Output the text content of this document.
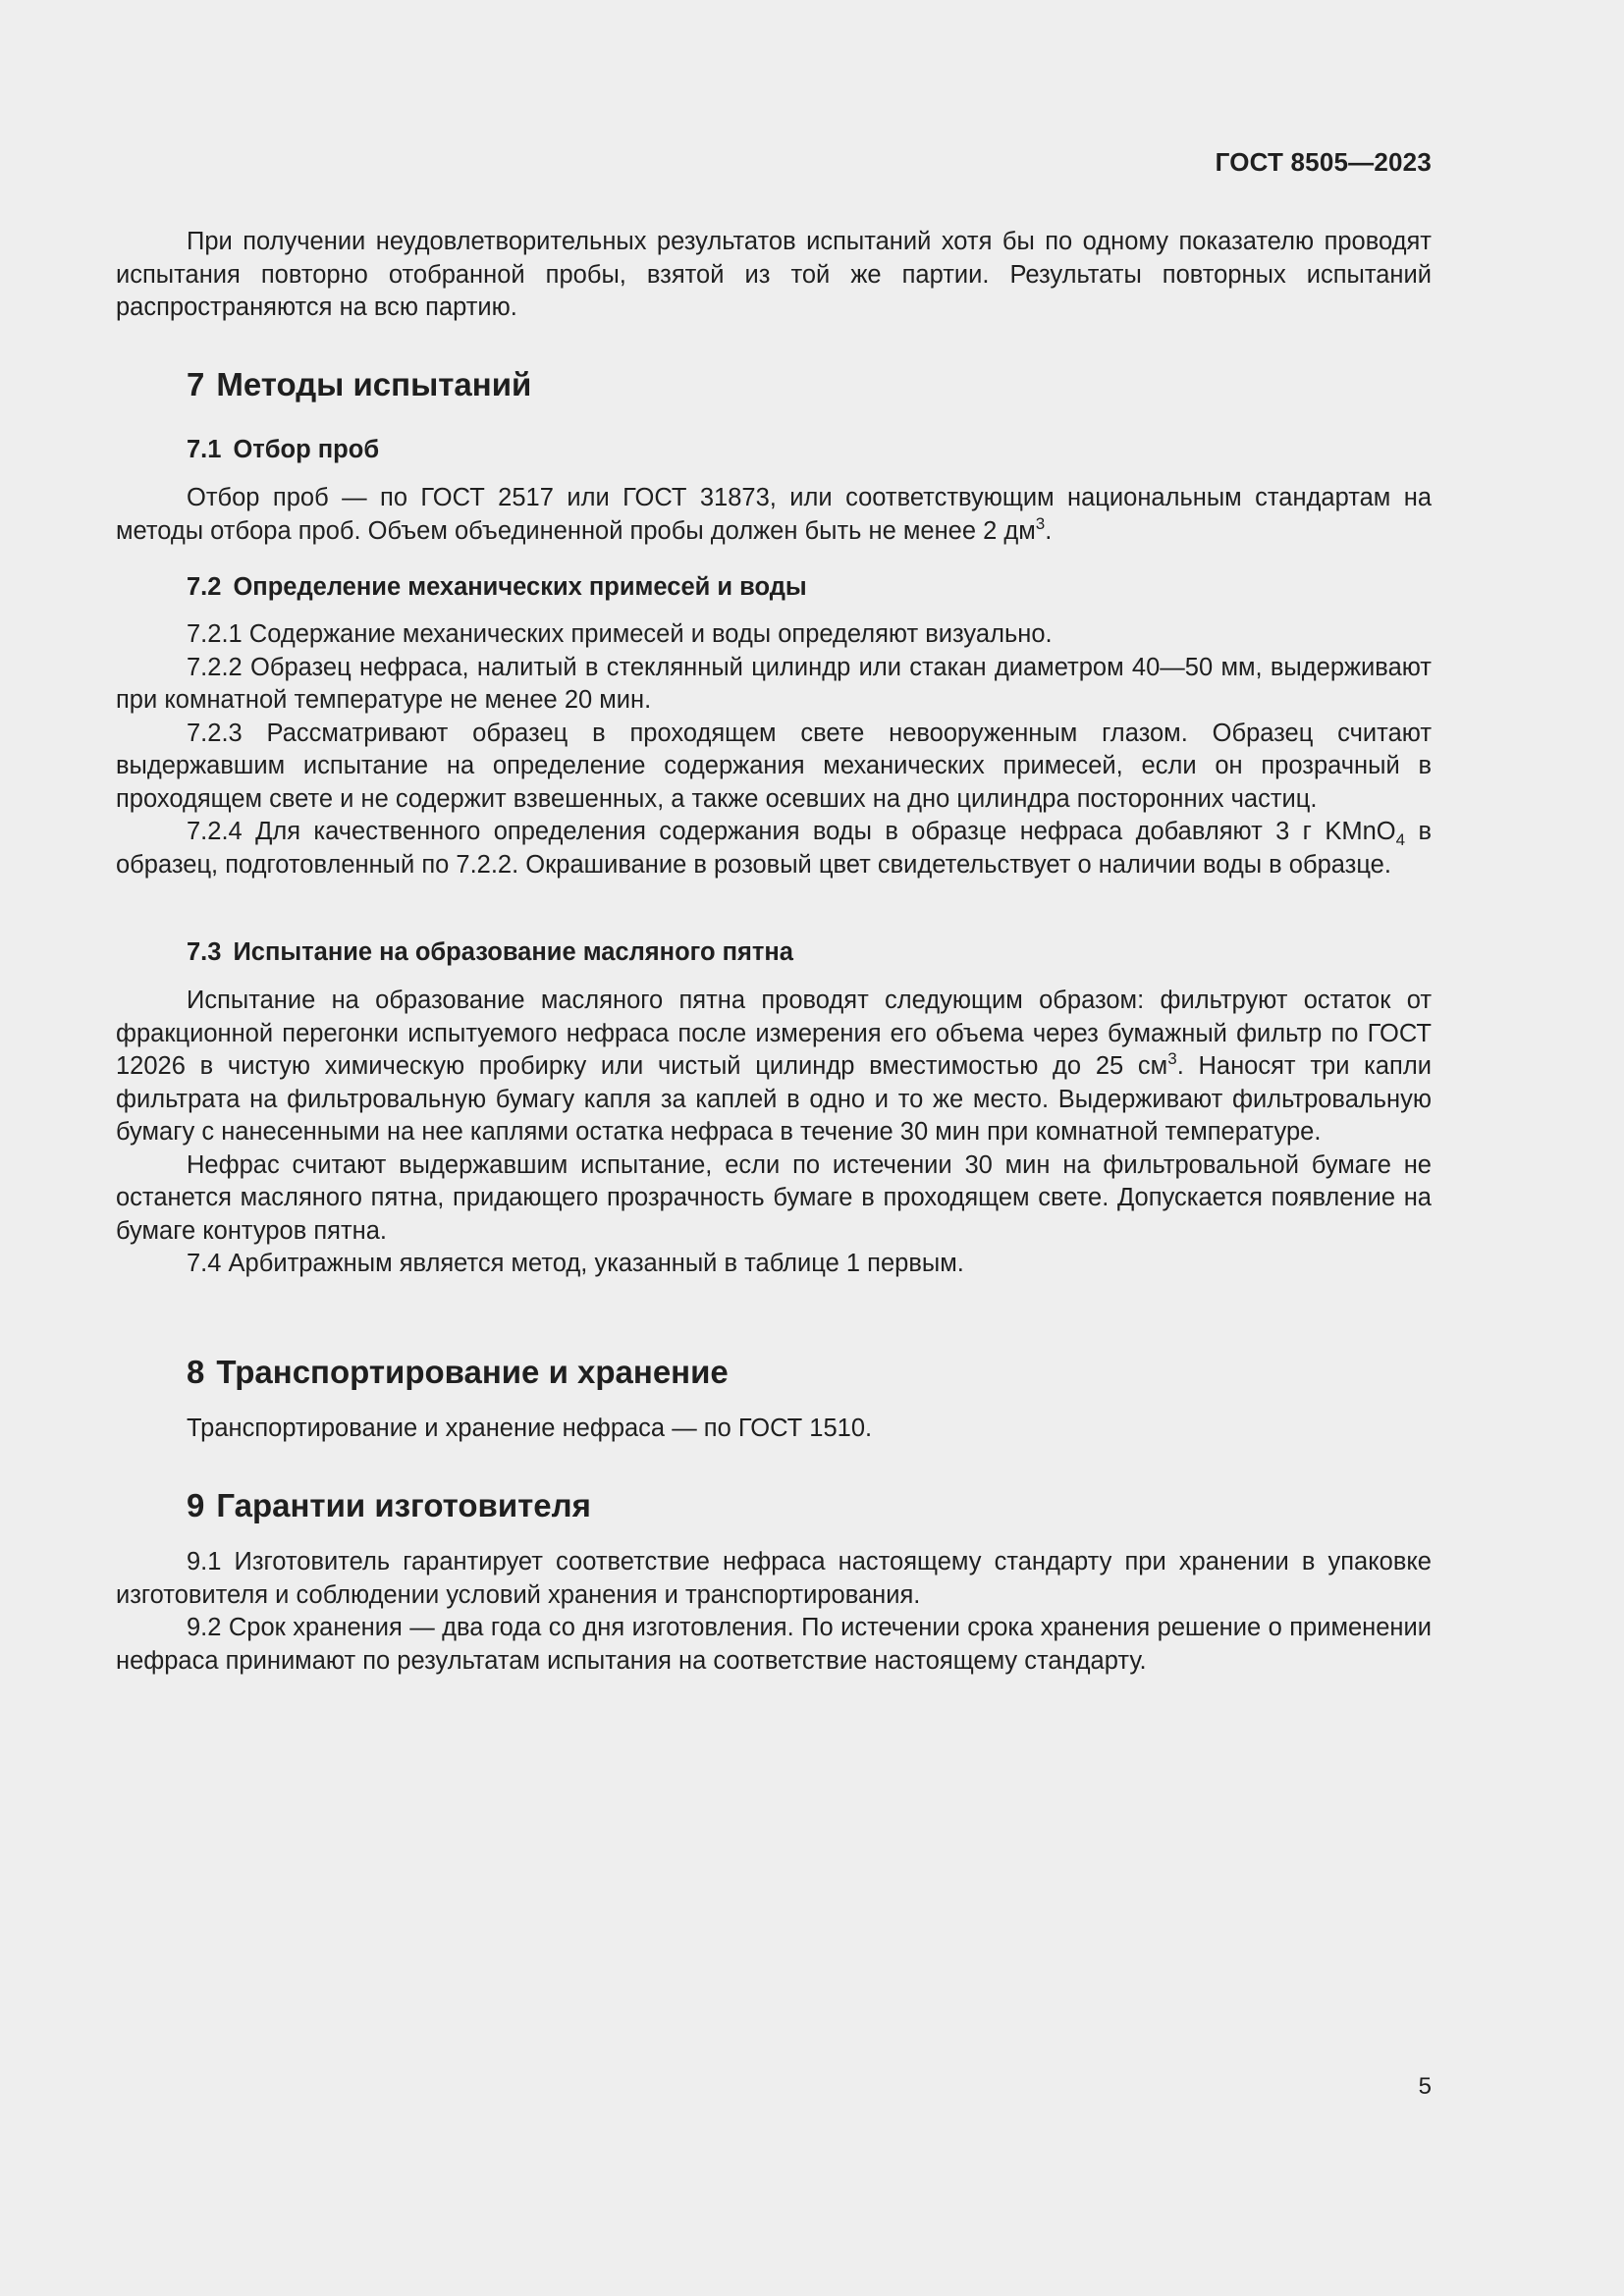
ГОСТ 8505—2023

При получении неудовлетворительных результатов испытаний хотя бы по одному показателю проводят испытания повторно отобранной пробы, взятой из той же партии. Результаты повторных испытаний распространяются на всю партию.

7 Методы испытаний
7.1 Отбор проб

Отбор проб — по ГОСТ 2517 или ГОСТ 31873, или соответствующим национальным стандартам на методы отбора проб. Объем объединенной пробы должен быть не менее 2 $дм^3$.

7.2 Определение механических примесей и воды

7.2.1 Содержание механических примесей и воды определяют визуально.

7.2.2 Образец нефраса, налитый в стеклянный цилиндр или стакан диаметром 40—50 мм, выдерживают при комнатной температуре не менее 20 мин.

7.2.3 Рассматривают образец в проходящем свете невооруженным глазом. Образец считают выдержавшим испытание на определение содержания механических примесей, если он прозрачный в проходящем свете и не содержит взвешенных, а также осевших на дно цилиндра посторонних частиц.

7.2.4 Для качественного определения содержания воды в образце нефраса добавляют 3 г KMnO$_4$ в образец, подготовленный по 7.2.2. Окрашивание в розовый цвет свидетельствует о наличии воды в образце.

7.3 Испытание на образование масляного пятна

Испытание на образование масляного пятна проводят следующим образом: фильтруют остаток от фракционной перегонки испытуемого нефраса после измерения его объема через бумажный фильтр по ГОСТ 12026 в чистую химическую пробирку или чистый цилиндр вместимостью до 25 $см^3$. Наносят три капли фильтрата на фильтровальную бумагу капля за каплей в одно и то же место. Выдерживают фильтровальную бумагу с нанесенными на нее каплями остатка нефраса в течение 30 мин при комнатной температуре.

Нефрас считают выдержавшим испытание, если по истечении 30 мин на фильтровальной бумаге не останется масляного пятна, придающего прозрачность бумаге в проходящем свете. Допускается появление на бумаге контуров пятна.

7.4 Арбитражным является метод, указанный в таблице 1 первым.

8 Транспортирование и хранение

Транспортирование и хранение нефраса — по ГОСТ 1510.

9 Гарантии изготовителя

9.1 Изготовитель гарантирует соответствие нефраса настоящему стандарту при хранении в упаковке изготовителя и соблюдении условий хранения и транспортирования.

9.2 Срок хранения — два года со дня изготовления. По истечении срока хранения решение о применении нефраса принимают по результатам испытания на соответствие настоящему стандарту.

5
